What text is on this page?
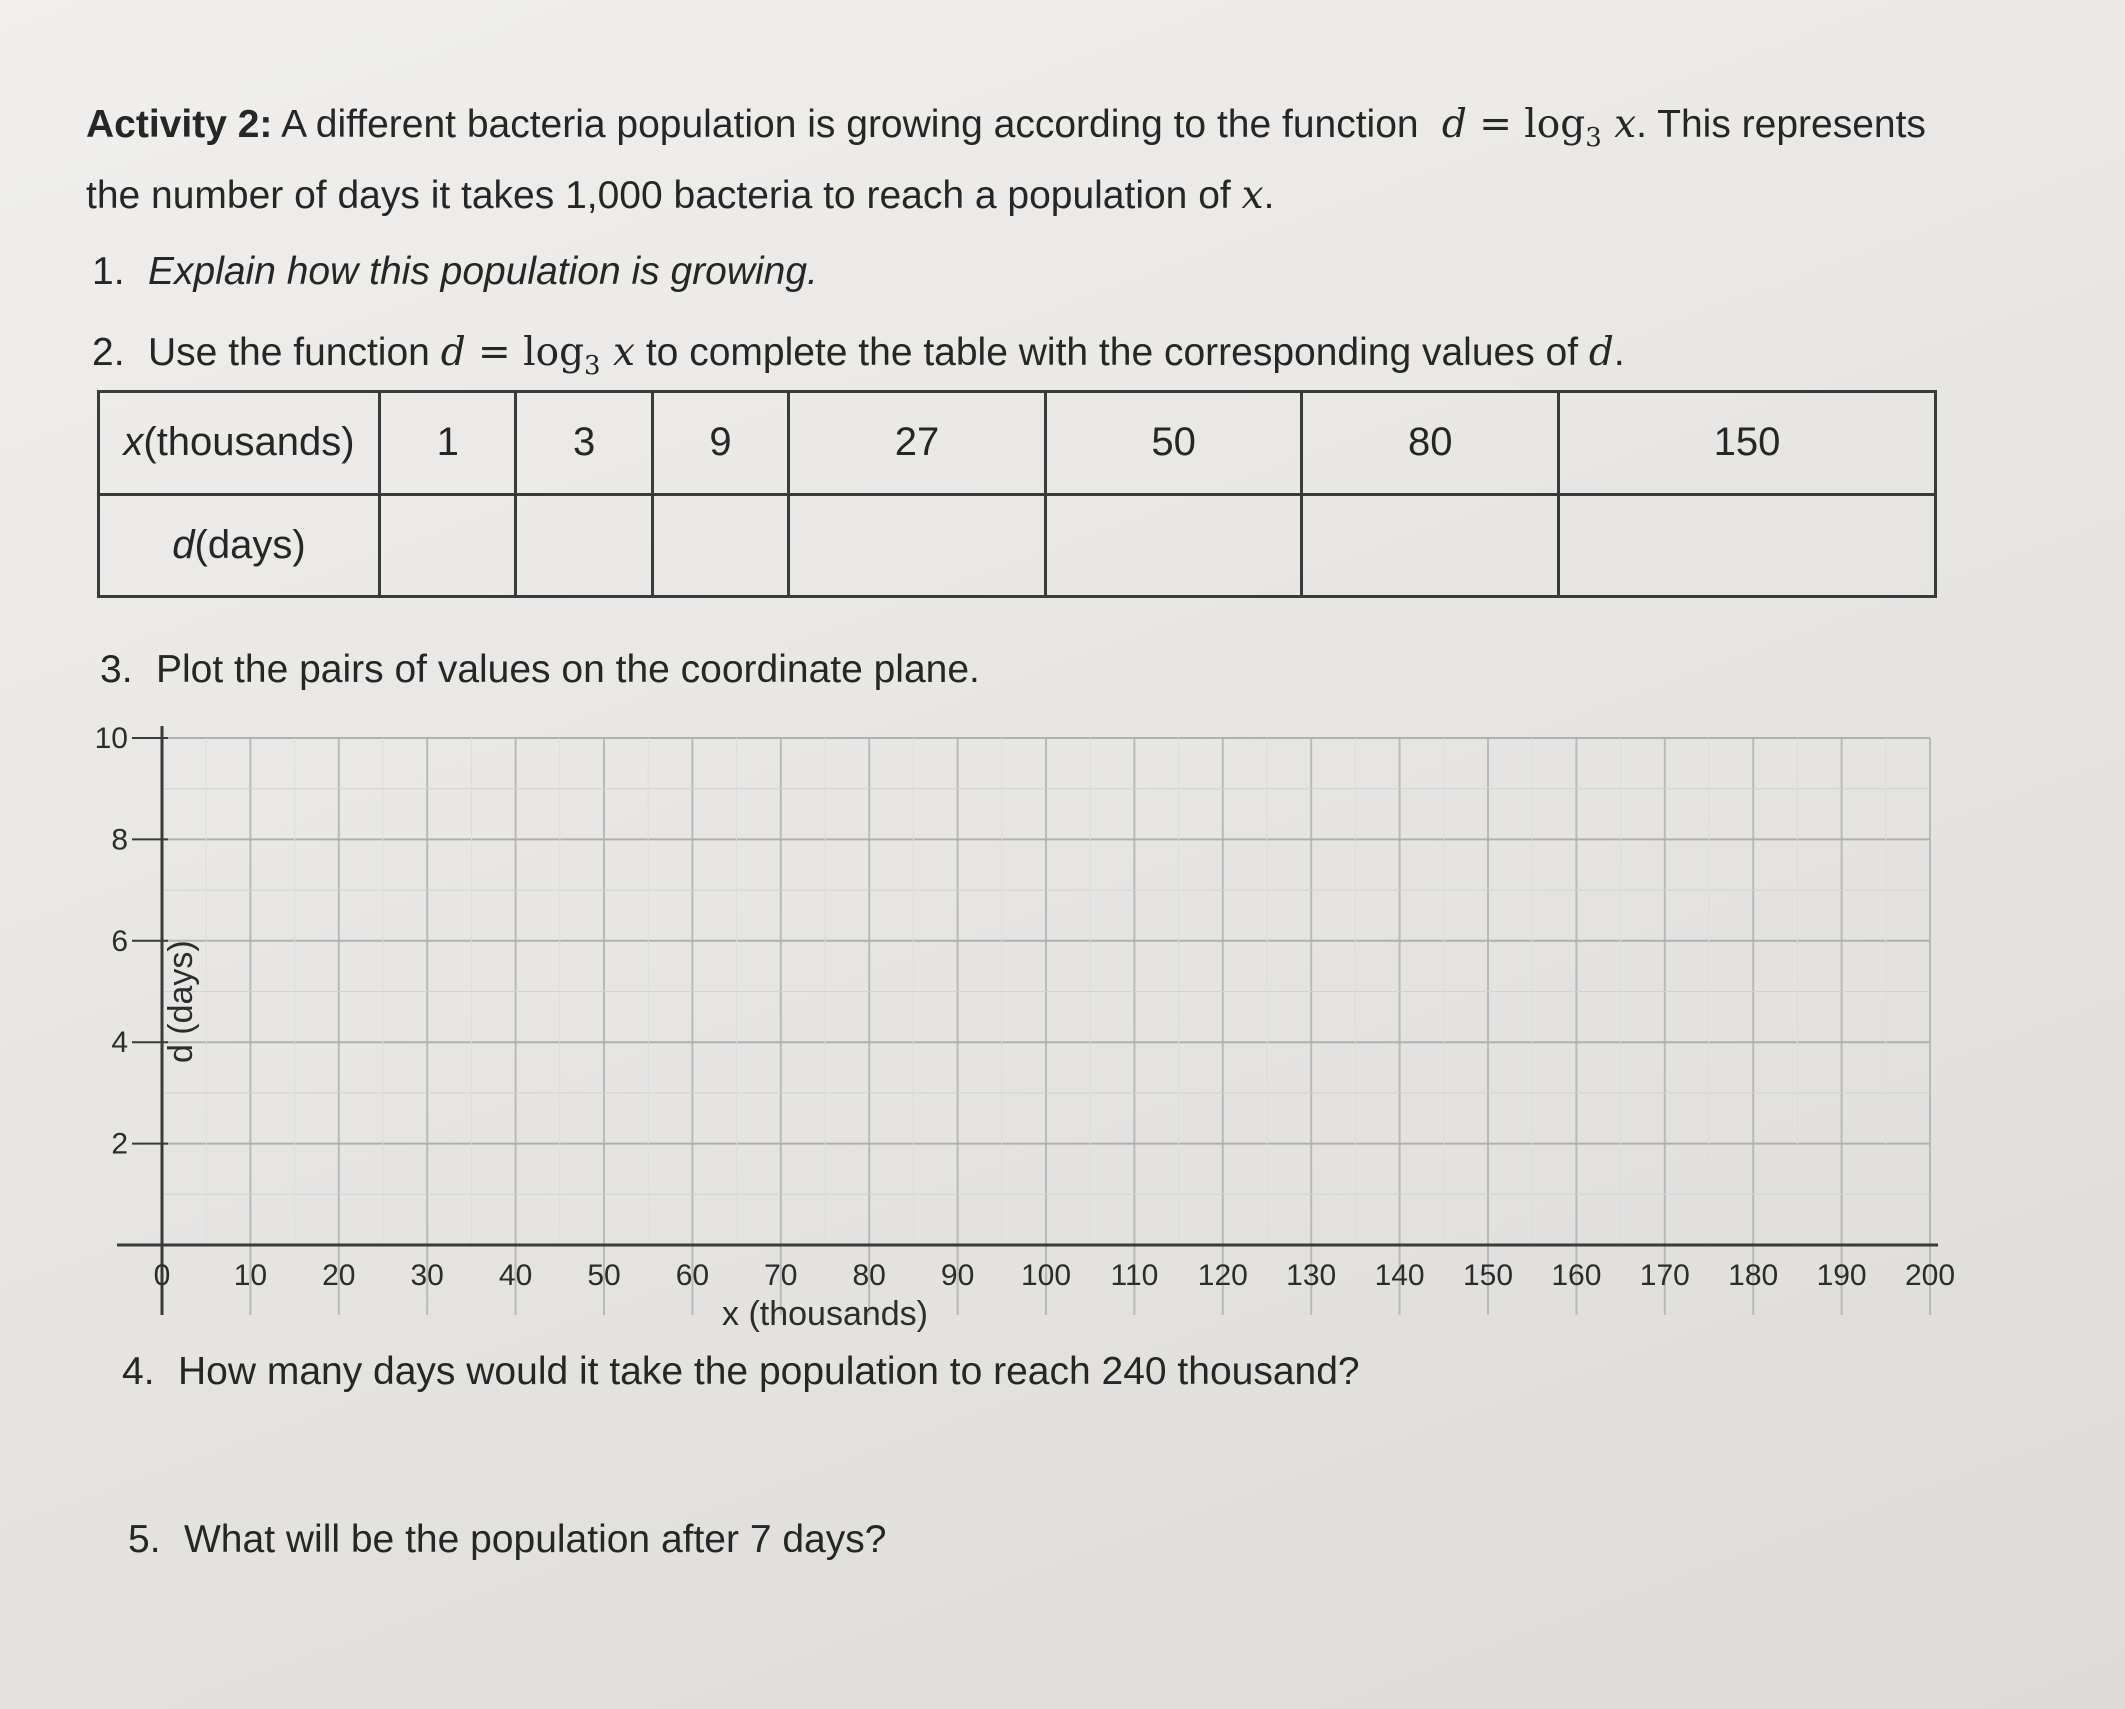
Activity 2: A different bacteria population is growing according to the function $d = \log_3 x$. This represents the number of days it takes 1,000 bacteria to reach a population of x.
1. Explain how this population is growing.
2. Use the function $d = \log_3 x$ to complete the table with the corresponding values of d.
x(thousands)	1	3	9	27	50	80	150
d(days)							
3. Plot the pairs of values on the coordinate plane.
0 10 20 30 40 50 60 70 80 90 100 110 120 130 140 150 160 170 180 190 200
2
4
6
8
10
x (thousands)
d (days)
4. How many days would it take the population to reach 240 thousand?
5. What will be the population after 7 days?
